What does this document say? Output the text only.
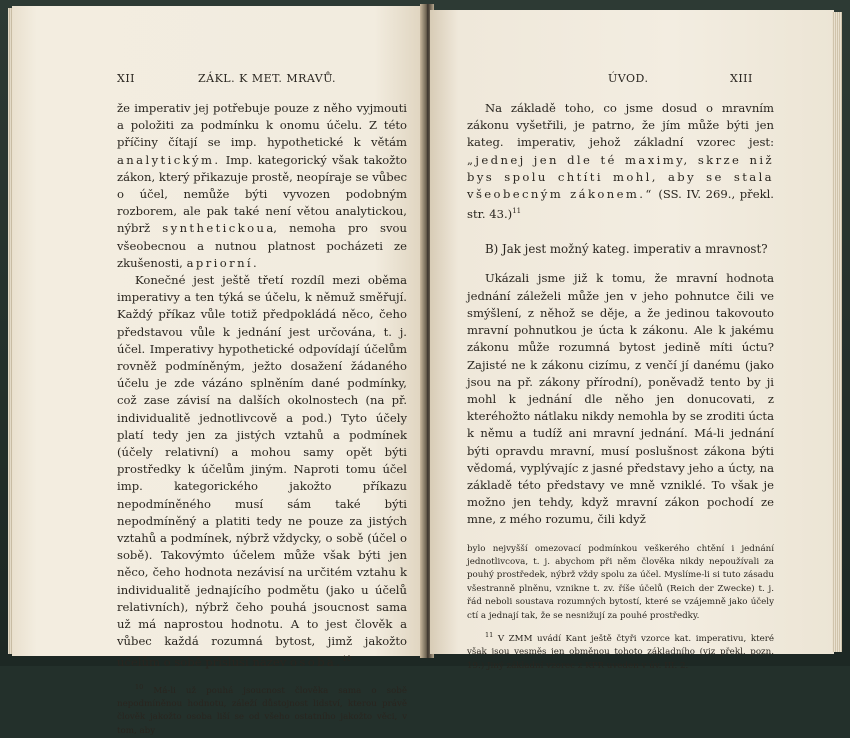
XII	ZÁKL. K MET. MRAVŮ.

že imperativ jej potřebuje pouze z něho vyjmouti a položiti za podmínku k onomu účelu. Z této příčiny čítají se imp. hypothetické k větám analytickým. Imp. kategorický však takožto zákon, který přikazuje prostě, neopíraje se vůbec o účel, nemůže býti vyvozen podobným rozborem, ale pak také není větou analytickou, nýbrž synthetickoua, nemoha pro svou všeobecnou a nutnou platnost pocházeti ze zkušenosti, apriorní.

Konečné jest ještě třetí rozdíl mezi oběma imperativy a ten týká se účelu, k němuž směřují. Každý příkaz vůle totiž předpokládá něco, čeho představou vůle k jednání jest určována, t. j. účel. Imperativy hypothetické odpovídají účelům rovněž podmíněným, ježto dosažení žádaného účelu je zde vázáno splněním dané podmínky, což zase závisí na dalších okolnostech (na př. individualitě jednotlivcově a pod.) Tyto účely platí tedy jen za jistých vztahů a podmínek (účely relativní) a mohou samy opět býti prostředky k účelům jiným. Naproti tomu účel imp. kategorického jakožto příkazu nepodmíněného musí sám také býti nepodmíněný a platiti tedy ne pouze za jistých vztahů a podmínek, nýbrž vždycky, o sobě (účel o sobě). Takovýmto účelem může však býti jen něco, čeho hodnota nezávisí na určitém vztahu k individualitě jednajícího podmětu (jako u účelů relativních), nýbrž čeho pouhá jsoucnost sama už má naprostou hodnotu. A to jest člověk a vůbec každá rozumná bytost, jimž jakožto účelům o sobě přísluší název osoba.$^{10}$

$^{10}$ Má-li už pouhá jsoucnost člověka sama o sobě nepodmíněnou hodnotu, záleží důstojnost lidství, kterou právě člověk jakožto osoba liší se od všeho ostatního jakožto věci, v tom, aby

ÚVOD.	XIII

Na základě toho, co jsme dosud o mravním zákonu vyšetřili, je patrno, že jím může býti jen kateg. imperativ, jehož základní vzorec jest: „jednej jen dle té maximy, skrze niž bys spolu chtíti mohl, aby se stala všeobecným zákonem.“ (SS. IV. 269., překl. str. 43.)$^{11}$

B) Jak jest možný kateg. imperativ a mravnost?

Ukázali jsme již k tomu, že mravní hodnota jednání záleželi může jen v jeho pohnutce čili ve smýšlení, z něhož se děje, a že jedinou takovouto mravní pohnutkou je úcta k zákonu. Ale k jakému zákonu může rozumná bytost jedině míti úctu? Zajisté ne k zákonu cizímu, z venčí jí danému (jako jsou na př. zákony přírodní), poněvadž tento by ji mohl k jednání dle něho jen donucovati, z kteréhožto nátlaku nikdy nemohla by se zroditi úcta k němu a tudíž ani mravní jednání. Má-li jednání býti opravdu mravní, musí poslušnost zákona býti vědomá, vyplývajíc z jasné představy jeho a úcty, na základě této představy ve mně vzniklé. To však je možno jen tehdy, když mravní zákon pochodí ze mne, z mého rozumu, čili když

bylo nejvyšší omezovací podmínkou veškerého chtění i jednání jednotlivcova, t. j. abychom při něm člověka nikdy nepoužívali za pouhý prostředek, nýbrž vždy spolu za účel. Myslíme-li si tuto zásadu všestranně plněnu, vznikne t. zv. říše účelů (Reich der Zwecke) t. j. řád neboli soustava rozumných bytostí, které se vzájemně jako účely ctí a jednají tak, že se nesnižují za pouhé prostředky.

$^{11}$ V ZMM uvádí Kant ještě čtyři vzorce kat. imperativu, které však jsou vesměs jen obměnou tohoto základního (viz překl. pozn. 19.) Jiný základní vzorec z KPR uveden v úv. III. 2.
